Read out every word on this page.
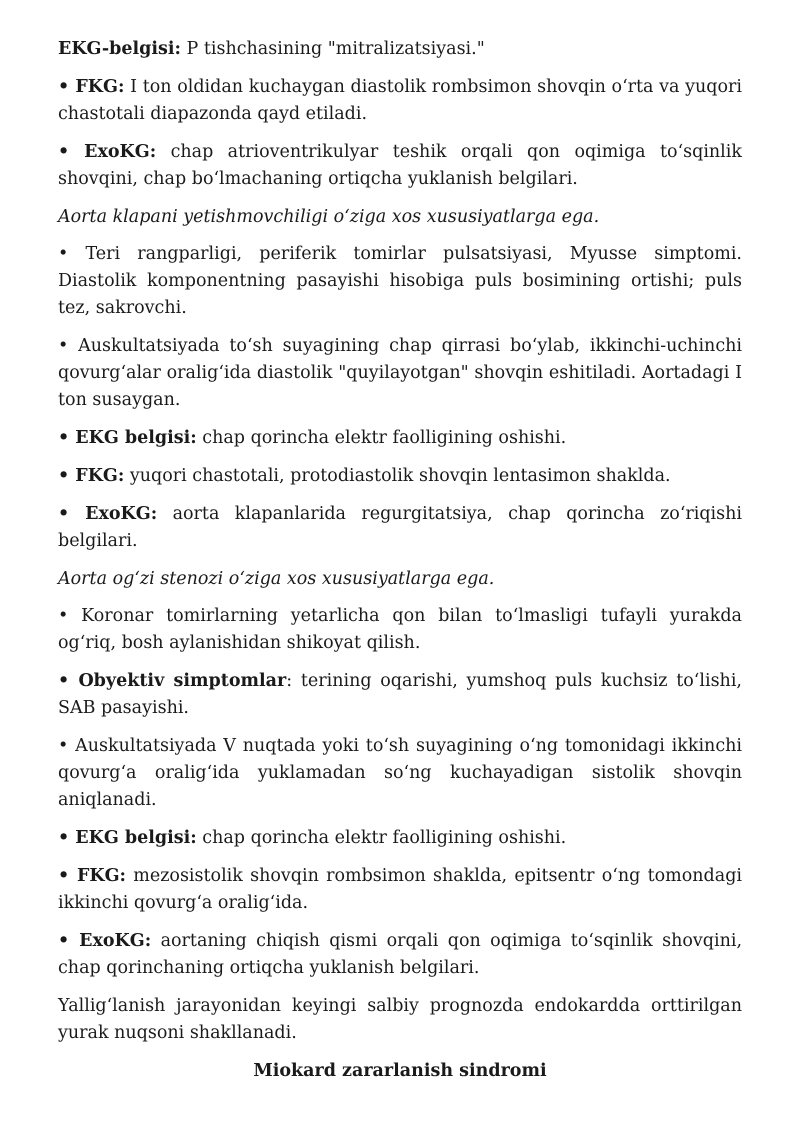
EKG-belgisi: P tishchasining "mitralizatsiyasi."

• FKG: I ton oldidan kuchaygan diastolik rombsimon shovqin oʻrta va yuqori chastotali diapazonda qayd etiladi.

• ExoKG: chap atrioventrikulyar teshik orqali qon oqimiga toʻsqinlik shovqini, chap boʻlmachaning ortiqcha yuklanish belgilari.

Aorta klapani yetishmovchiligi oʻziga xos xususiyatlarga ega.

• Teri rangparligi, periferik tomirlar pulsatsiyasi, Myusse simptomi. Diastolik komponentning pasayishi hisobiga puls bosimining ortishi; puls tez, sakrovchi.

• Auskultatsiyada toʻsh suyagining chap qirrasi boʻylab, ikkinchi-uchinchi qovurgʻalar oraligʻida diastolik "quyilayotgan" shovqin eshitiladi. Aortadagi I ton susaygan.

• EKG belgisi: chap qorincha elektr faolligining oshishi.

• FKG: yuqori chastotali, protodiastolik shovqin lentasimon shaklda.

• ExoKG: aorta klapanlarida regurgitatsiya, chap qorincha zoʻriqishi belgilari.

Aorta ogʻzi stenozi oʻziga xos xususiyatlarga ega.

• Koronar tomirlarning yetarlicha qon bilan toʻlmasligi tufayli yurakda ogʻriq, bosh aylanishidan shikoyat qilish.

• Obyektiv simptomlar: terining oqarishi, yumshoq puls kuchsiz toʻlishi, SAB pasayishi.

• Auskultatsiyada V nuqtada yoki toʻsh suyagining oʻng tomonidagi ikkinchi qovurgʻa oraligʻida yuklamadan soʻng kuchayadigan sistolik shovqin aniqlanadi.

• EKG belgisi: chap qorincha elektr faolligining oshishi.

• FKG: mezosistolik shovqin rombsimon shaklda, epitsentr oʻng tomondagi ikkinchi qovurgʻa oraligʻida.

• ExoKG: aortaning chiqish qismi orqali qon oqimiga toʻsqinlik shovqini, chap qorinchaning ortiqcha yuklanish belgilari.

Yalligʻlanish jarayonidan keyingi salbiy prognozda endokardda orttirilgan yurak nuqsoni shakllanadi.

Miokard zararlanish sindromi
